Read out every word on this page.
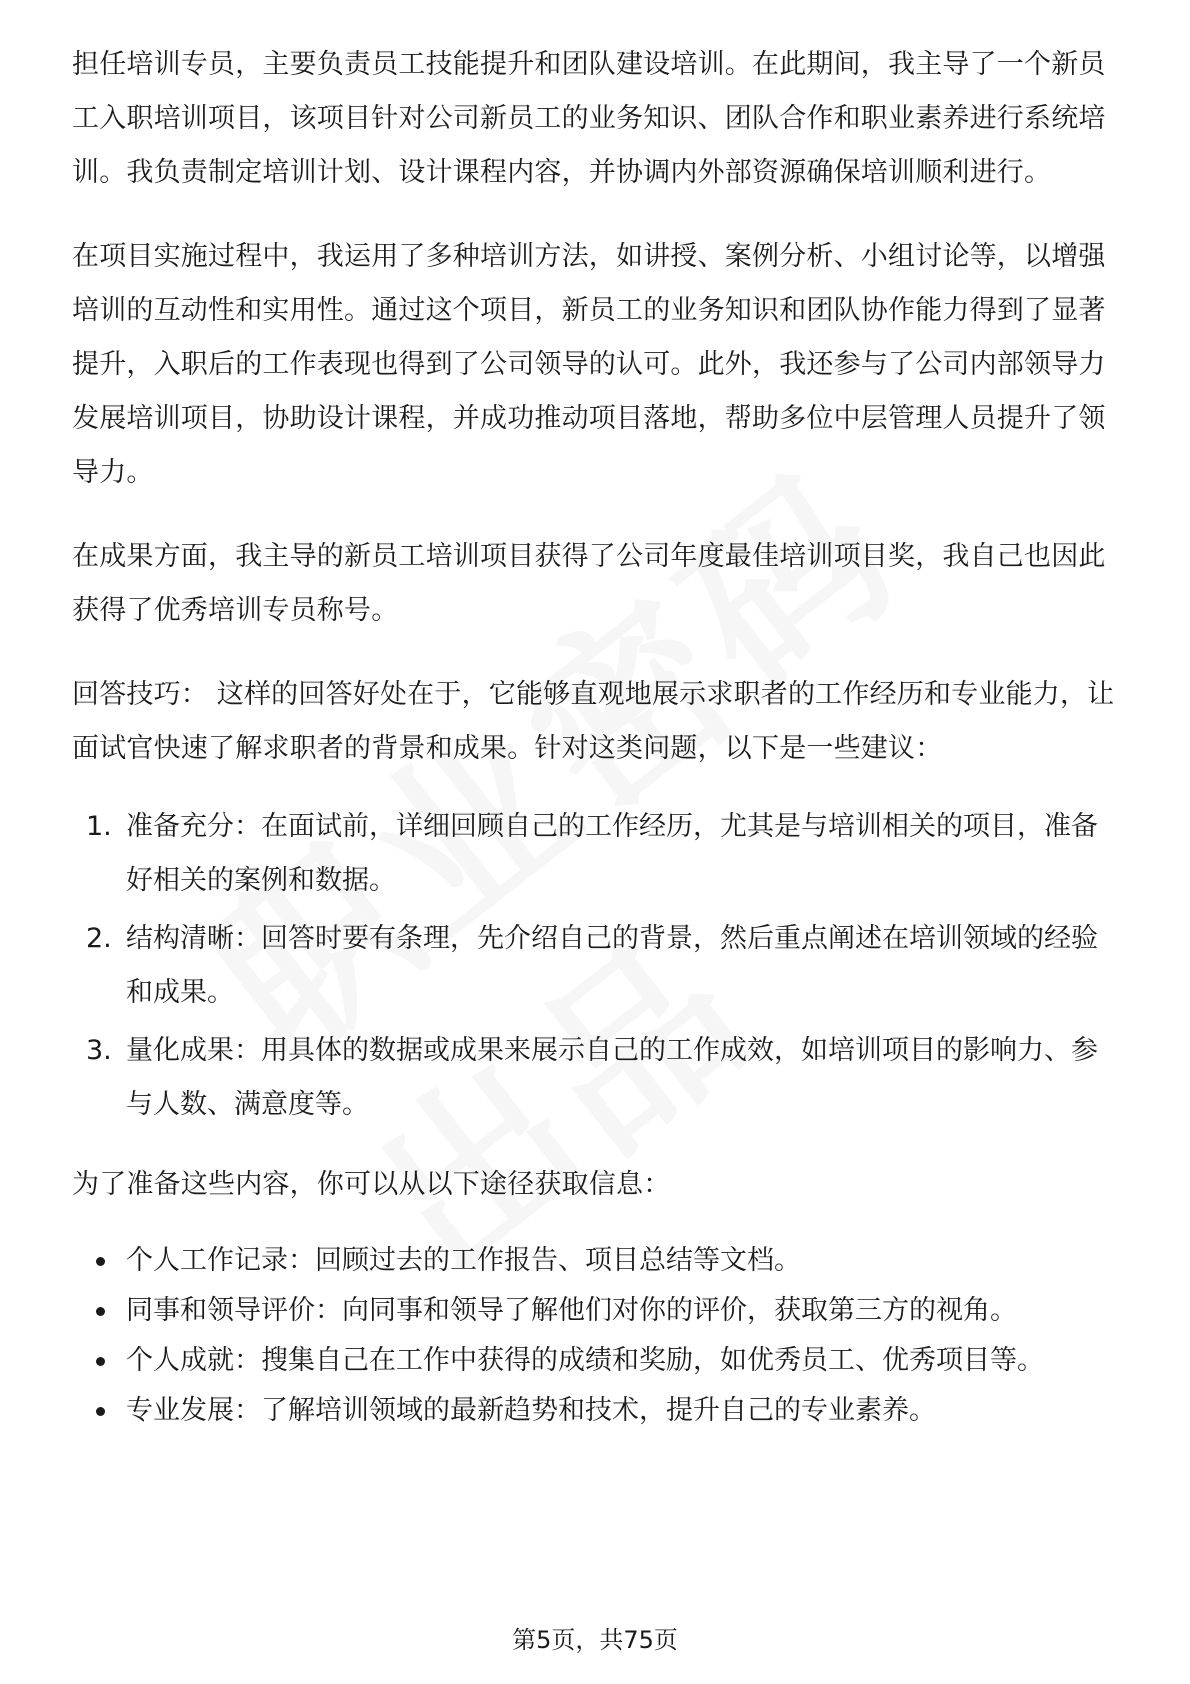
担任培训专员，主要负责员工技能提升和团队建设培训。在此期间，我主导了一个新员工入职培训项目，该项目针对公司新员工的业务知识、团队合作和职业素养进行系统培训。我负责制定培训计划、设计课程内容，并协调内外部资源确保培训顺利进行。

在项目实施过程中，我运用了多种培训方法，如讲授、案例分析、小组讨论等，以增强培训的互动性和实用性。通过这个项目，新员工的业务知识和团队协作能力得到了显著提升，入职后的工作表现也得到了公司领导的认可。此外，我还参与了公司内部领导力发展培训项目，协助设计课程，并成功推动项目落地，帮助多位中层管理人员提升了领导力。

在成果方面，我主导的新员工培训项目获得了公司年度最佳培训项目奖，我自己也因此获得了优秀培训专员称号。

回答技巧： 这样的回答好处在于，它能够直观地展示求职者的工作经历和专业能力，让面试官快速了解求职者的背景和成果。针对这类问题，以下是一些建议：

1. 准备充分：在面试前，详细回顾自己的工作经历，尤其是与培训相关的项目，准备好相关的案例和数据。
2. 结构清晰：回答时要有条理，先介绍自己的背景，然后重点阐述在培训领域的经验和成果。
3. 量化成果：用具体的数据或成果来展示自己的工作成效，如培训项目的影响力、参与人数、满意度等。

为了准备这些内容，你可以从以下途径获取信息：

个人工作记录：回顾过去的工作报告、项目总结等文档。
同事和领导评价：向同事和领导了解他们对你的评价，获取第三方的视角。
个人成就：搜集自己在工作中获得的成绩和奖励，如优秀员工、优秀项目等。
专业发展：了解培训领域的最新趋势和技术，提升自己的专业素养。
第5页，共75页
